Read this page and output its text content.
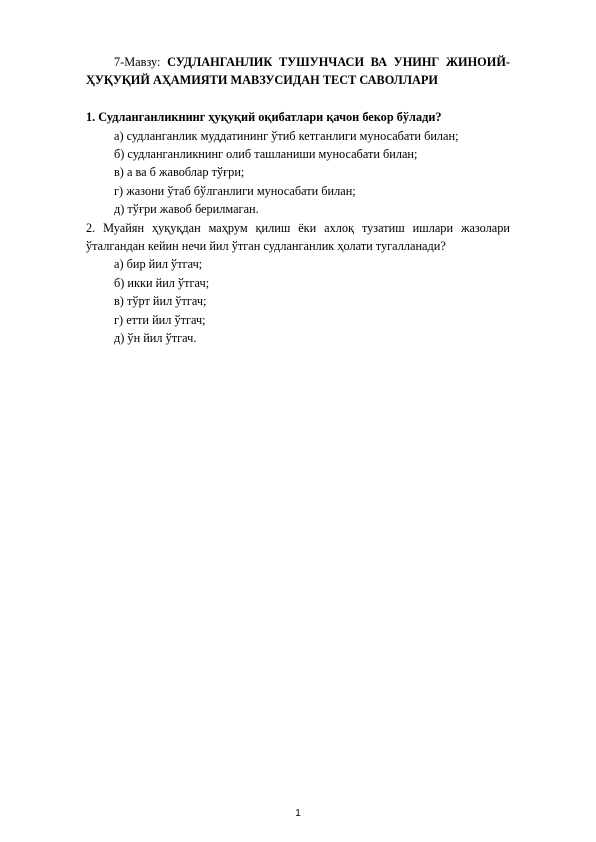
7-Мавзу: СУДЛАНГАНЛИК ТУШУНЧАСИ ВА УНИНГ ЖИНОИЙ-ҲУҚУҚИЙ АҲАМИЯТИ МАВЗУСИДАН ТЕСТ САВОЛЛАРИ

1. Судланганликнинг ҳуқуқий оқибатлари қачон бекор бўлади?

а) судланганлик муддатининг ўтиб кетганлиги муносабати билан;

б) судланганликнинг олиб ташланиши муносабати билан;

в) а ва б жавоблар тўғри;

г) жазони ўтаб бўлганлиги муносабати билан;

д) тўғри жавоб берилмаган.

2. Муайян ҳуқуқдан маҳрум қилиш ёки ахлоқ тузатиш ишлари жазолари ўталгандан кейин нечи йил ўтган судланганлик ҳолати тугалланади?

а) бир йил ўтгач;

б) икки йил ўтгач;

в) тўрт йил ўтгач;

г) етти йил ўтгач;

д) ўн йил ўтгач.

1
